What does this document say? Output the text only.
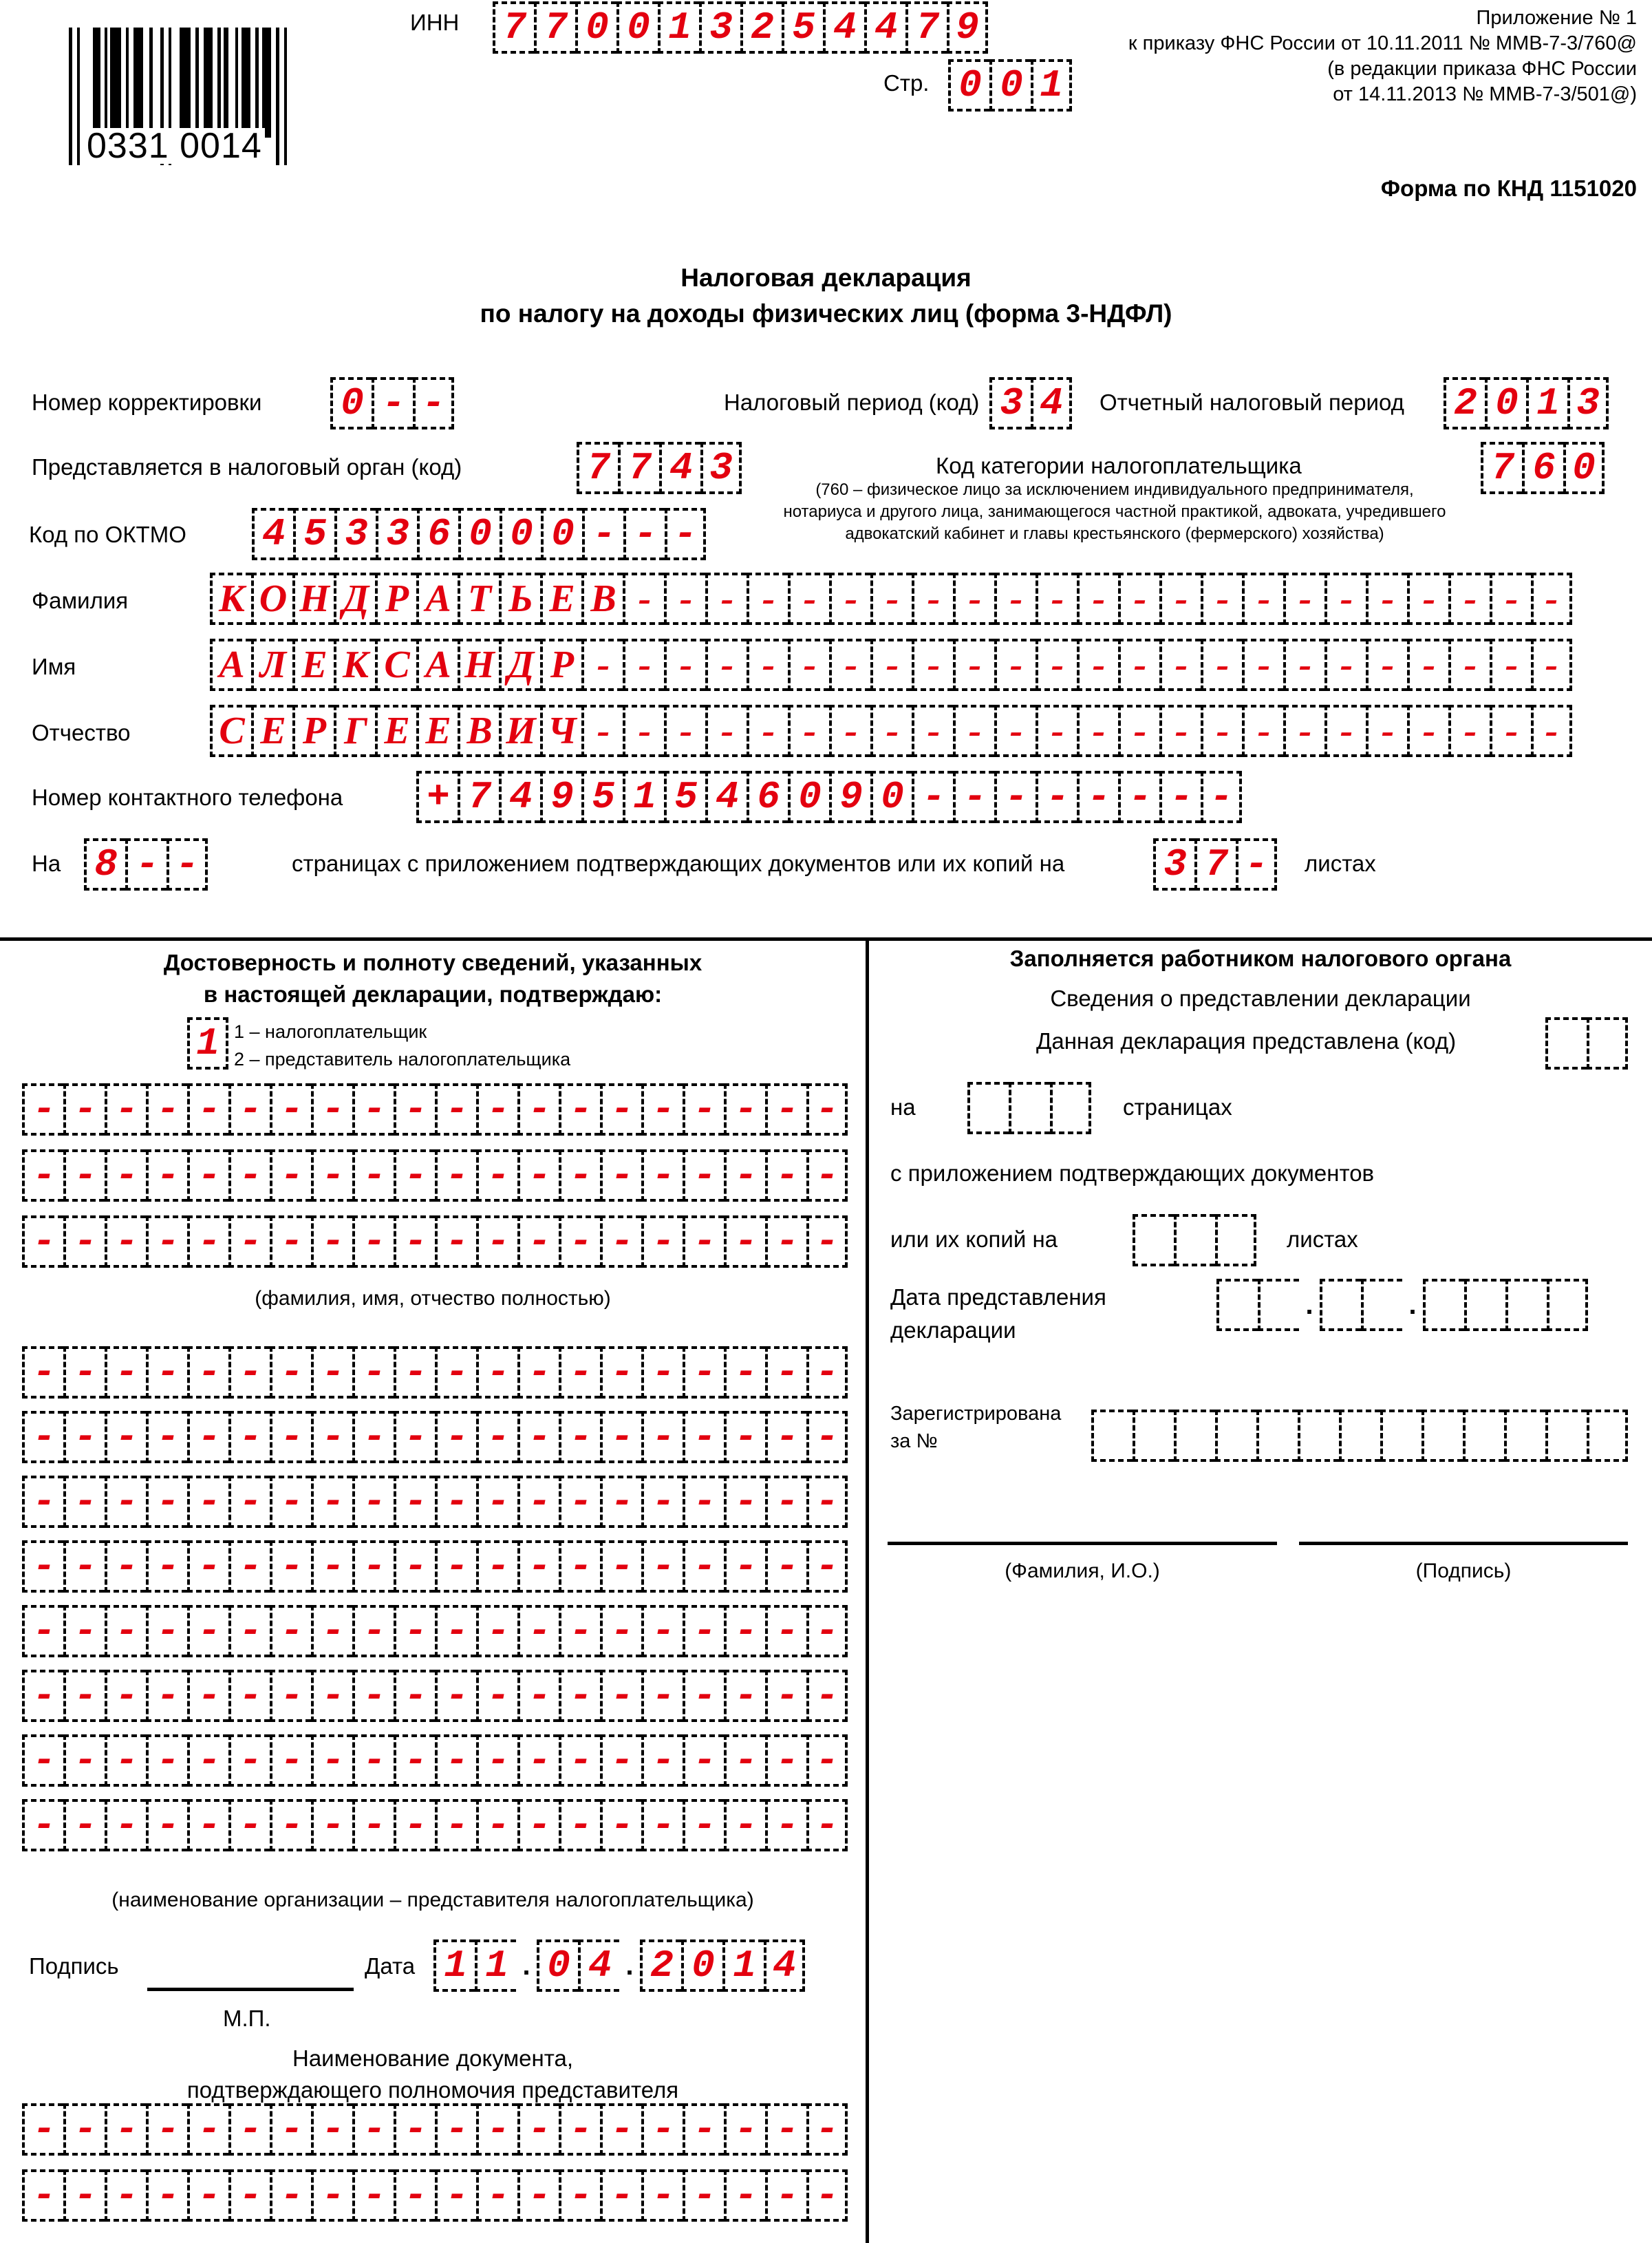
0331 0014
ИНН 7 7 0 0 1 3 2 5 4 4 7 9
Стр. 0 0 1
Приложение № 1
к приказу ФНС России от 10.11.2011 № ММВ-7-3/760@
(в редакции приказа ФНС России
от 14.11.2013 № ММВ-7-3/501@)
Форма по КНД 1151020
Налоговая декларация
по налогу на доходы физических лиц (форма 3-НДФЛ)
Номер корректировки 0 - -	Налоговый период (код) 3 4	Отчетный налоговый период 2 0 1 3
Представляется в налоговый орган (код)	7 7 4 3	Код категории налогоплательщика	7 6 0
(760 – физическое лицо за исключением индивидуального предпринимателя,
нотариуса и другого лица, занимающегося частной практикой, адвоката, учредившего
адвокатский кабинет и главы крестьянского (фермерского) хозяйства)
Код по ОКТМО 4 5 3 3 6 0 0 0 - - -
Фамилия К О Н Д Р А Т Ь Е В - - - - - - - - - - - - - - - - - - - - - - -
Имя	А Л Е К С А Н Д Р - - - - - - - - - - - - - - - - - - - - - - - -
Отчество С Е Р Г Е Е В И Ч - - - - - - - - - - - - - - - - - - - - - - - -
Номер контактного телефона + 7 4 9 5 1 5 4 6 0 9 0 - - - - - - - -
На 8 - -	страницах с приложением подтверждающих документов или их копий на	3 7 -	листах
Достоверность и полноту сведений, указанных
в настоящей декларации, подтверждаю:
1 1 – налогоплательщик
2 – представитель налогоплательщика
- - - - - - - - - - - - - - - - - - - -
- - - - - - - - - - - - - - - - - - - -
- - - - - - - - - - - - - - - - - - - -
(фамилия, имя, отчество полностью)
- - - - - - - - - - - - - - - - - - - -
- - - - - - - - - - - - - - - - - - - -
- - - - - - - - - - - - - - - - - - - -
- - - - - - - - - - - - - - - - - - - -
- - - - - - - - - - - - - - - - - - - -
- - - - - - - - - - - - - - - - - - - -
- - - - - - - - - - - - - - - - - - - -
- - - - - - - - - - - - - - - - - - - -
(наименование организации – представителя налогоплательщика)
Подпись	Дата 1 1 . 0 4 . 2 0 1 4
М.П.
Наименование документа,
подтверждающего полномочия представителя
- - - - - - - - - - - - - - - - - - - -
- - - - - - - - - - - - - - - - - - - -
Заполняется работником налогового органа
Сведения о представлении декларации
Данная декларация представлена (код)
на	страницах
с приложением подтверждающих документов
или их копий на	листах
Дата представления
декларации
.	.
Зарегистрирована
за №
(Фамилия, И.О.)	(Подпись)
